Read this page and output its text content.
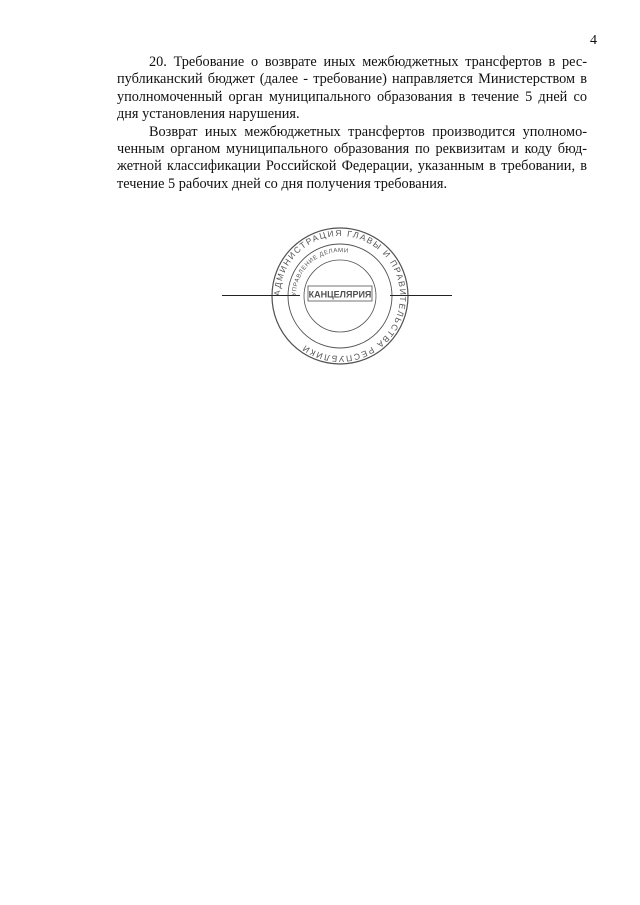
4

20. Требование о возврате иных межбюджетных трансфертов в республиканский бюджет (далее - требование) направляется Министерством в уполномоченный орган муниципального образования в течение 5 дней со дня установления нарушения.

Возврат иных межбюджетных трансфертов производится уполномоченным органом муниципального образования по реквизитам и коду бюджетной классификации Российской Федерации, указанным в требовании, в течение 5 рабочих дней со дня получения требования.

АДМИНИСТРАЦИЯ ГЛАВЫ И ПРАВИТЕЛЬСТВА РЕСПУБЛИКИ
УПРАВЛЕНИЕ ДЕЛАМИ
КАНЦЕЛЯРИЯ
